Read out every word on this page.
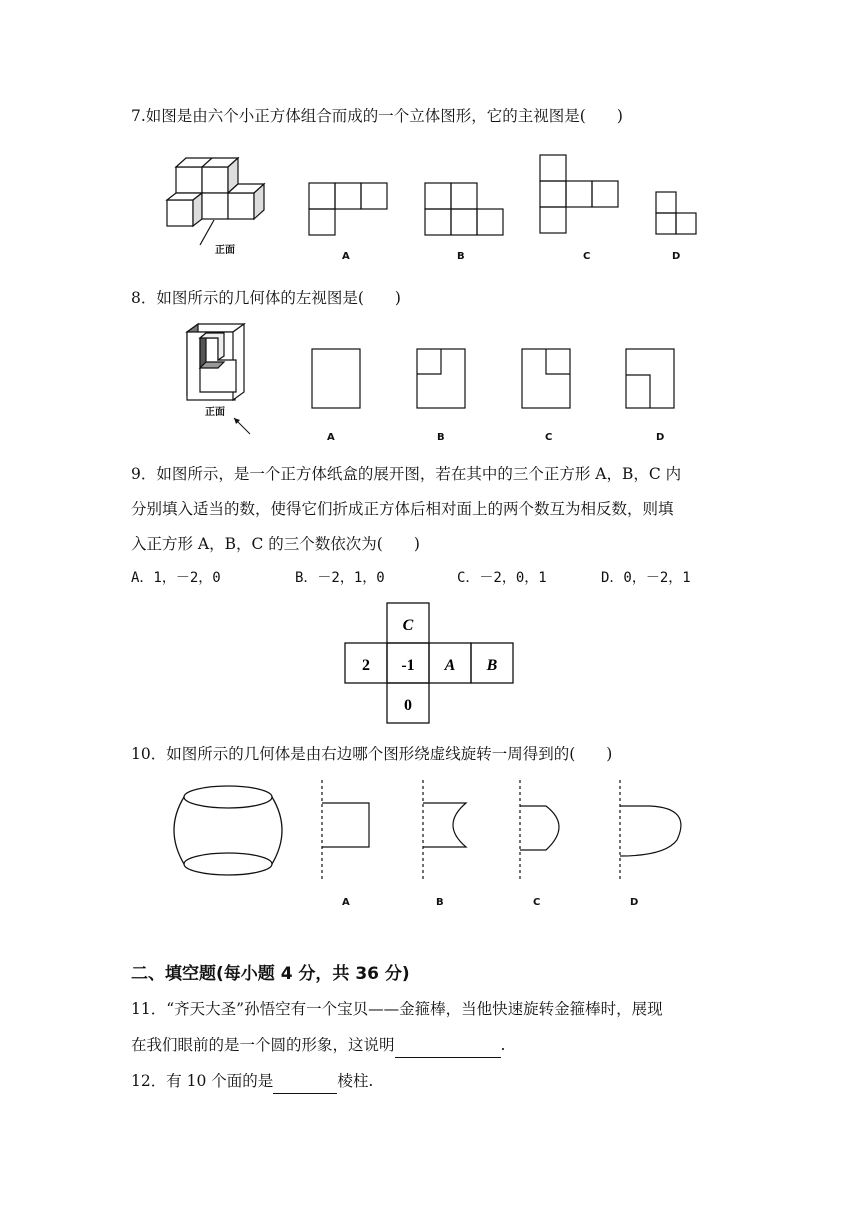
7.如图是由六个小正方体组合而成的一个立体图形，它的主视图是(　　)
正面
A	B	C	D
正面
A	B	C	D
C
2 -1 A B
0
A	B	C	D
8．如图所示的几何体的左视图是(　　)
9．如图所示，是一个正方体纸盒的展开图，若在其中的三个正方形 A，B，C 内
分别填入适当的数，使得它们折成正方体后相对面上的两个数互为相反数，则填
入正方形 A，B，C 的三个数依次为(　　)
A．1，－2，0	B．－2，1，0	C．－2，0，1	D．0，－2，1
10．如图所示的几何体是由右边哪个图形绕虚线旋转一周得到的(　　)
二、填空题(每小题 4 分，共 36 分)
11．“齐天大圣”孙悟空有一个宝贝——金箍棒，当他快速旋转金箍棒时，展现
在我们眼前的是一个圆的形象，这说明	.
12．有 10 个面的是	棱柱.
